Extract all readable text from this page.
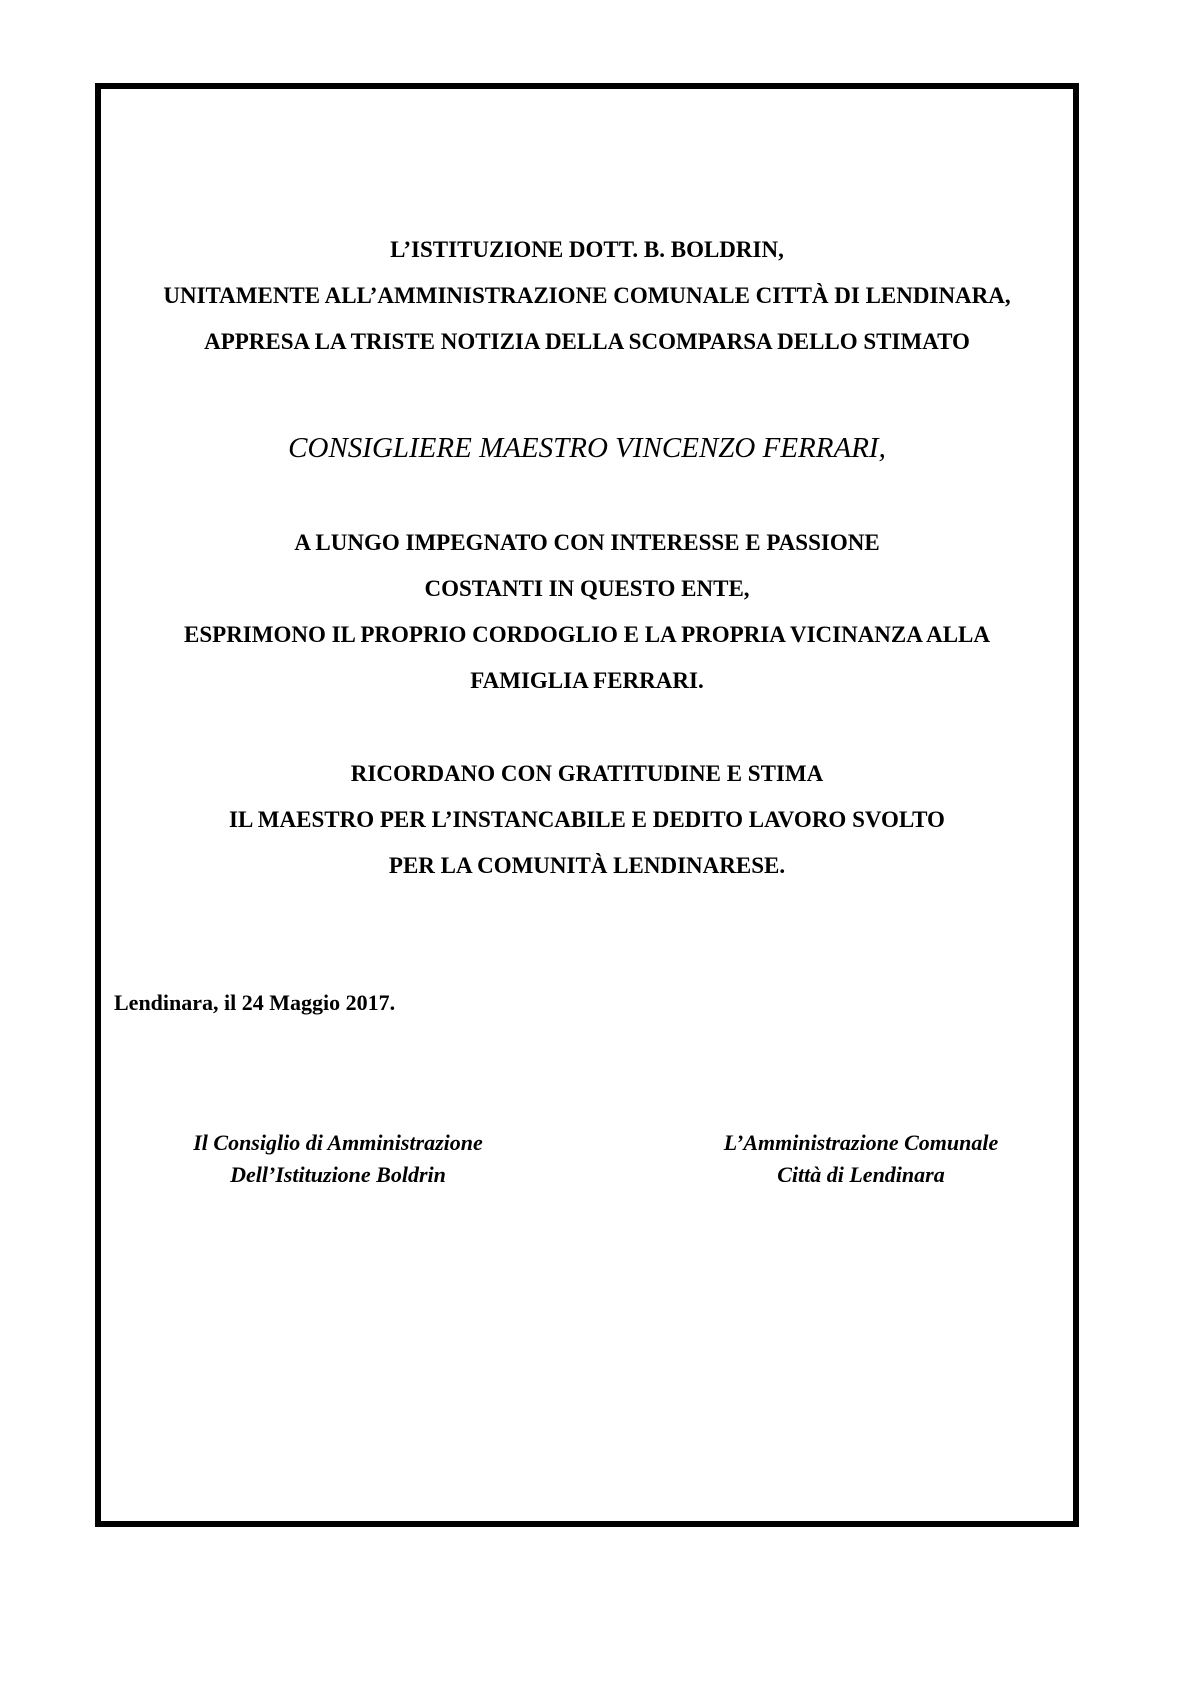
L’ISTITUZIONE DOTT. B. BOLDRIN,
UNITAMENTE ALL’AMMINISTRAZIONE COMUNALE CITTÀ DI LENDINARA,
APPRESA LA TRISTE NOTIZIA DELLA SCOMPARSA DELLO STIMATO
CONSIGLIERE MAESTRO VINCENZO FERRARI,
A LUNGO IMPEGNATO CON INTERESSE E PASSIONE
COSTANTI IN QUESTO ENTE,
ESPRIMONO IL PROPRIO CORDOGLIO E LA PROPRIA VICINANZA ALLA
FAMIGLIA FERRARI.
RICORDANO CON GRATITUDINE E STIMA
IL MAESTRO PER L’INSTANCABILE E DEDITO LAVORO SVOLTO
PER LA COMUNITÀ LENDINARESE.
Lendinara, il 24 Maggio 2017.
Il Consiglio di Amministrazione
Dell’Istituzione Boldrin
L’Amministrazione Comunale
Città di Lendinara
